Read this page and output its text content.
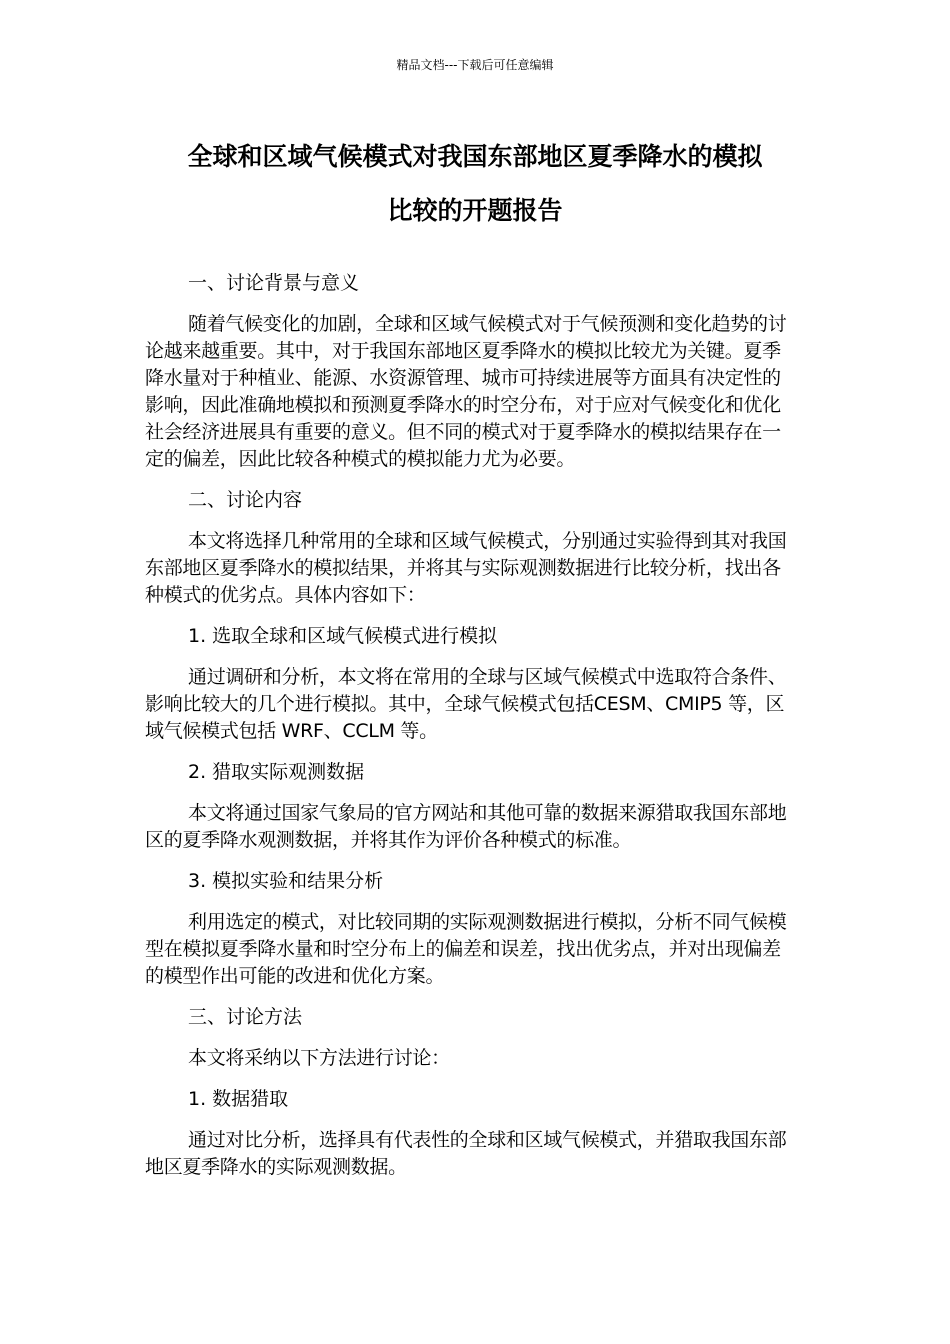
精品文档---下载后可任意编辑
全球和区域气候模式对我国东部地区夏季降水的模拟
比较的开题报告

一、讨论背景与意义

随着气候变化的加剧，全球和区域气候模式对于气候预测和变化趋势的讨论越来越重要。其中，对于我国东部地区夏季降水的模拟比较尤为关键。夏季降水量对于种植业、能源、水资源管理、城市可持续进展等方面具有决定性的影响，因此准确地模拟和预测夏季降水的时空分布，对于应对气候变化和优化社会经济进展具有重要的意义。但不同的模式对于夏季降水的模拟结果存在一定的偏差，因此比较各种模式的模拟能力尤为必要。

二、讨论内容

本文将选择几种常用的全球和区域气候模式，分别通过实验得到其对我国东部地区夏季降水的模拟结果，并将其与实际观测数据进行比较分析，找出各种模式的优劣点。具体内容如下：

1. 选取全球和区域气候模式进行模拟

通过调研和分析，本文将在常用的全球与区域气候模式中选取符合条件、影响比较大的几个进行模拟。其中，全球气候模式包括CESM、CMIP5 等，区域气候模式包括 WRF、CCLM 等。

2. 猎取实际观测数据

本文将通过国家气象局的官方网站和其他可靠的数据来源猎取我国东部地区的夏季降水观测数据，并将其作为评价各种模式的标准。

3. 模拟实验和结果分析

利用选定的模式，对比较同期的实际观测数据进行模拟，分析不同气候模型在模拟夏季降水量和时空分布上的偏差和误差，找出优劣点，并对出现偏差的模型作出可能的改进和优化方案。

三、讨论方法

本文将采纳以下方法进行讨论：

1. 数据猎取

通过对比分析，选择具有代表性的全球和区域气候模式，并猎取我国东部地区夏季降水的实际观测数据。
